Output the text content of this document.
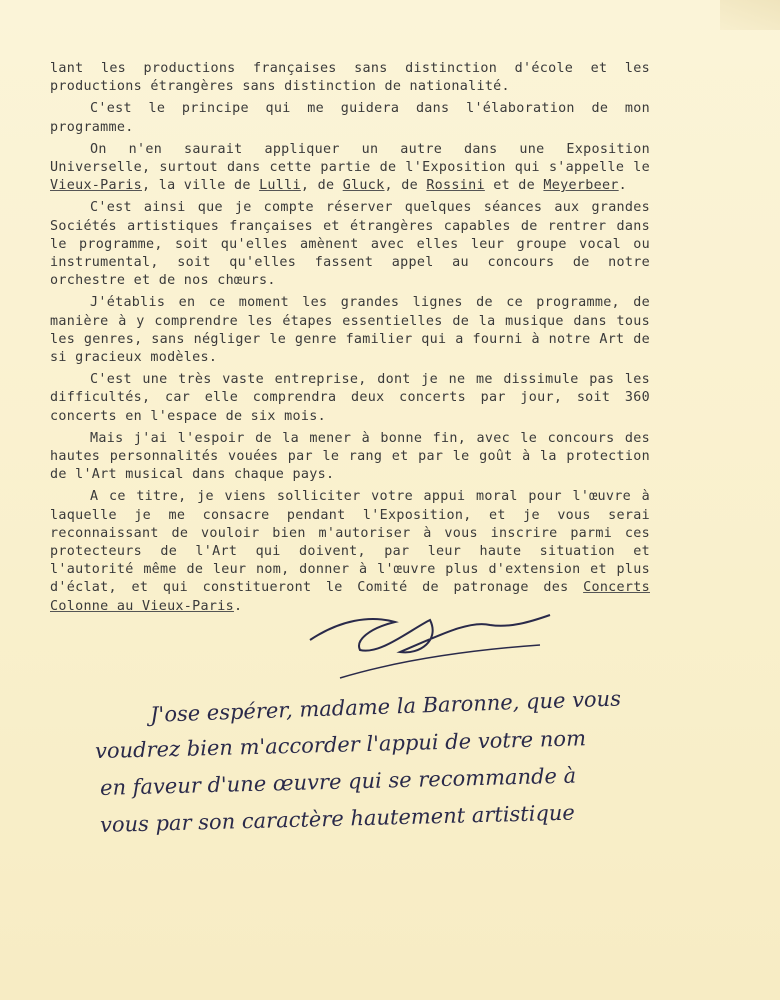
lant les productions françaises sans distinction d'école et les productions étrangères sans distinction de nationalité.

C'est le principe qui me guidera dans l'élaboration de mon programme.

On n'en saurait appliquer un autre dans une Exposition Universelle, surtout dans cette partie de l'Exposition qui s'appelle le Vieux-Paris, la ville de Lulli, de Gluck, de Rossini et de Meyerbeer.

C'est ainsi que je compte réserver quelques séances aux grandes Sociétés artistiques françaises et étrangères capables de rentrer dans le programme, soit qu'elles amènent avec elles leur groupe vocal ou instrumental, soit qu'elles fassent appel au concours de notre orchestre et de nos chœurs.

J'établis en ce moment les grandes lignes de ce programme, de manière à y comprendre les étapes essentielles de la musique dans tous les genres, sans négliger le genre familier qui a fourni à notre Art de si gracieux modèles.

C'est une très vaste entreprise, dont je ne me dissimule pas les difficultés, car elle comprendra deux concerts par jour, soit 360 concerts en l'espace de six mois.

Mais j'ai l'espoir de la mener à bonne fin, avec le concours des hautes personnalités vouées par le rang et par le goût à la protection de l'Art musical dans chaque pays.

A ce titre, je viens solliciter votre appui moral pour l'œuvre à laquelle je me consacre pendant l'Exposition, et je vous serai reconnaissant de vouloir bien m'autoriser à vous inscrire parmi ces protecteurs de l'Art qui doivent, par leur haute situation et l'autorité même de leur nom, donner à l'œuvre plus d'extension et plus d'éclat, et qui constitueront le Comité de patronage des Concerts Colonne au Vieux-Paris.

Ed Colonne
J'ose espérer, madame la Baronne, que vous
voudrez bien m'accorder l'appui de votre nom
en faveur d'une œuvre qui se recommande à
vous par son caractère hautement artistique
